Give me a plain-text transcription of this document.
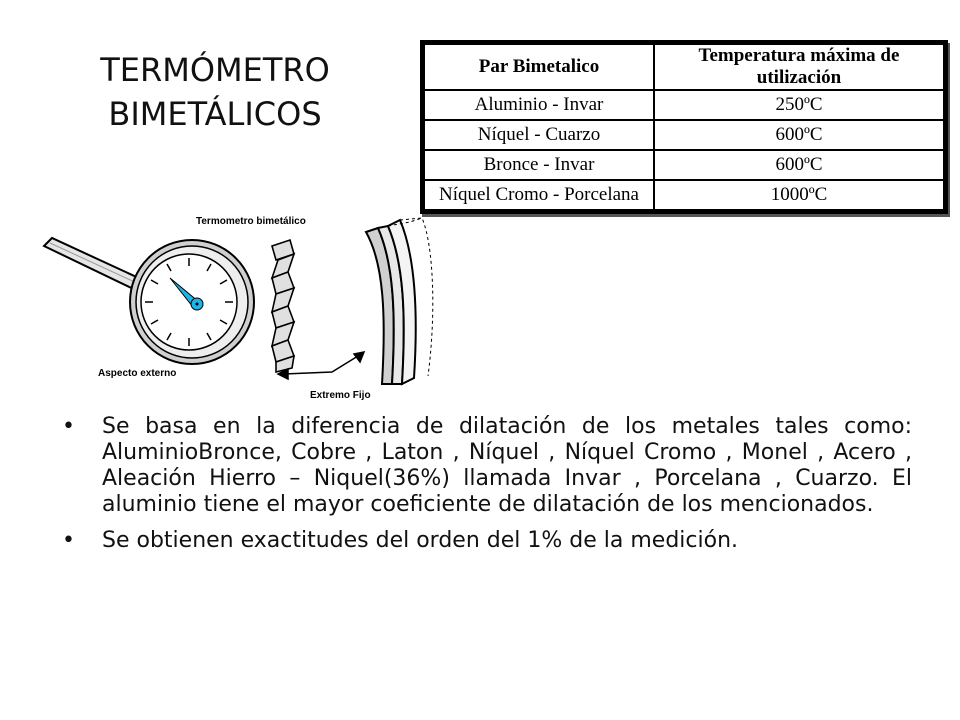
TERMÓMETRO
BIMETÁLICOS
Par Bimetalico	Temperatura máxima de utilización
Aluminio - Invar	250ºC
Níquel - Cuarzo	600ºC
Bronce - Invar	600ºC
Níquel Cromo - Porcelana	1000ºC
Termometro bimetálico
Aspecto externo
Extremo Fijo
•	Se basa en la diferencia de dilatación de los metales tales como: AluminioBronce, Cobre , Laton , Níquel , Níquel Cromo , Monel , Acero , Aleación Hierro – Niquel(36%) llamada Invar , Porcelana , Cuarzo. El aluminio tiene el mayor coeficiente de dilatación de los mencionados.
•	Se obtienen exactitudes del orden del 1% de la medición.
